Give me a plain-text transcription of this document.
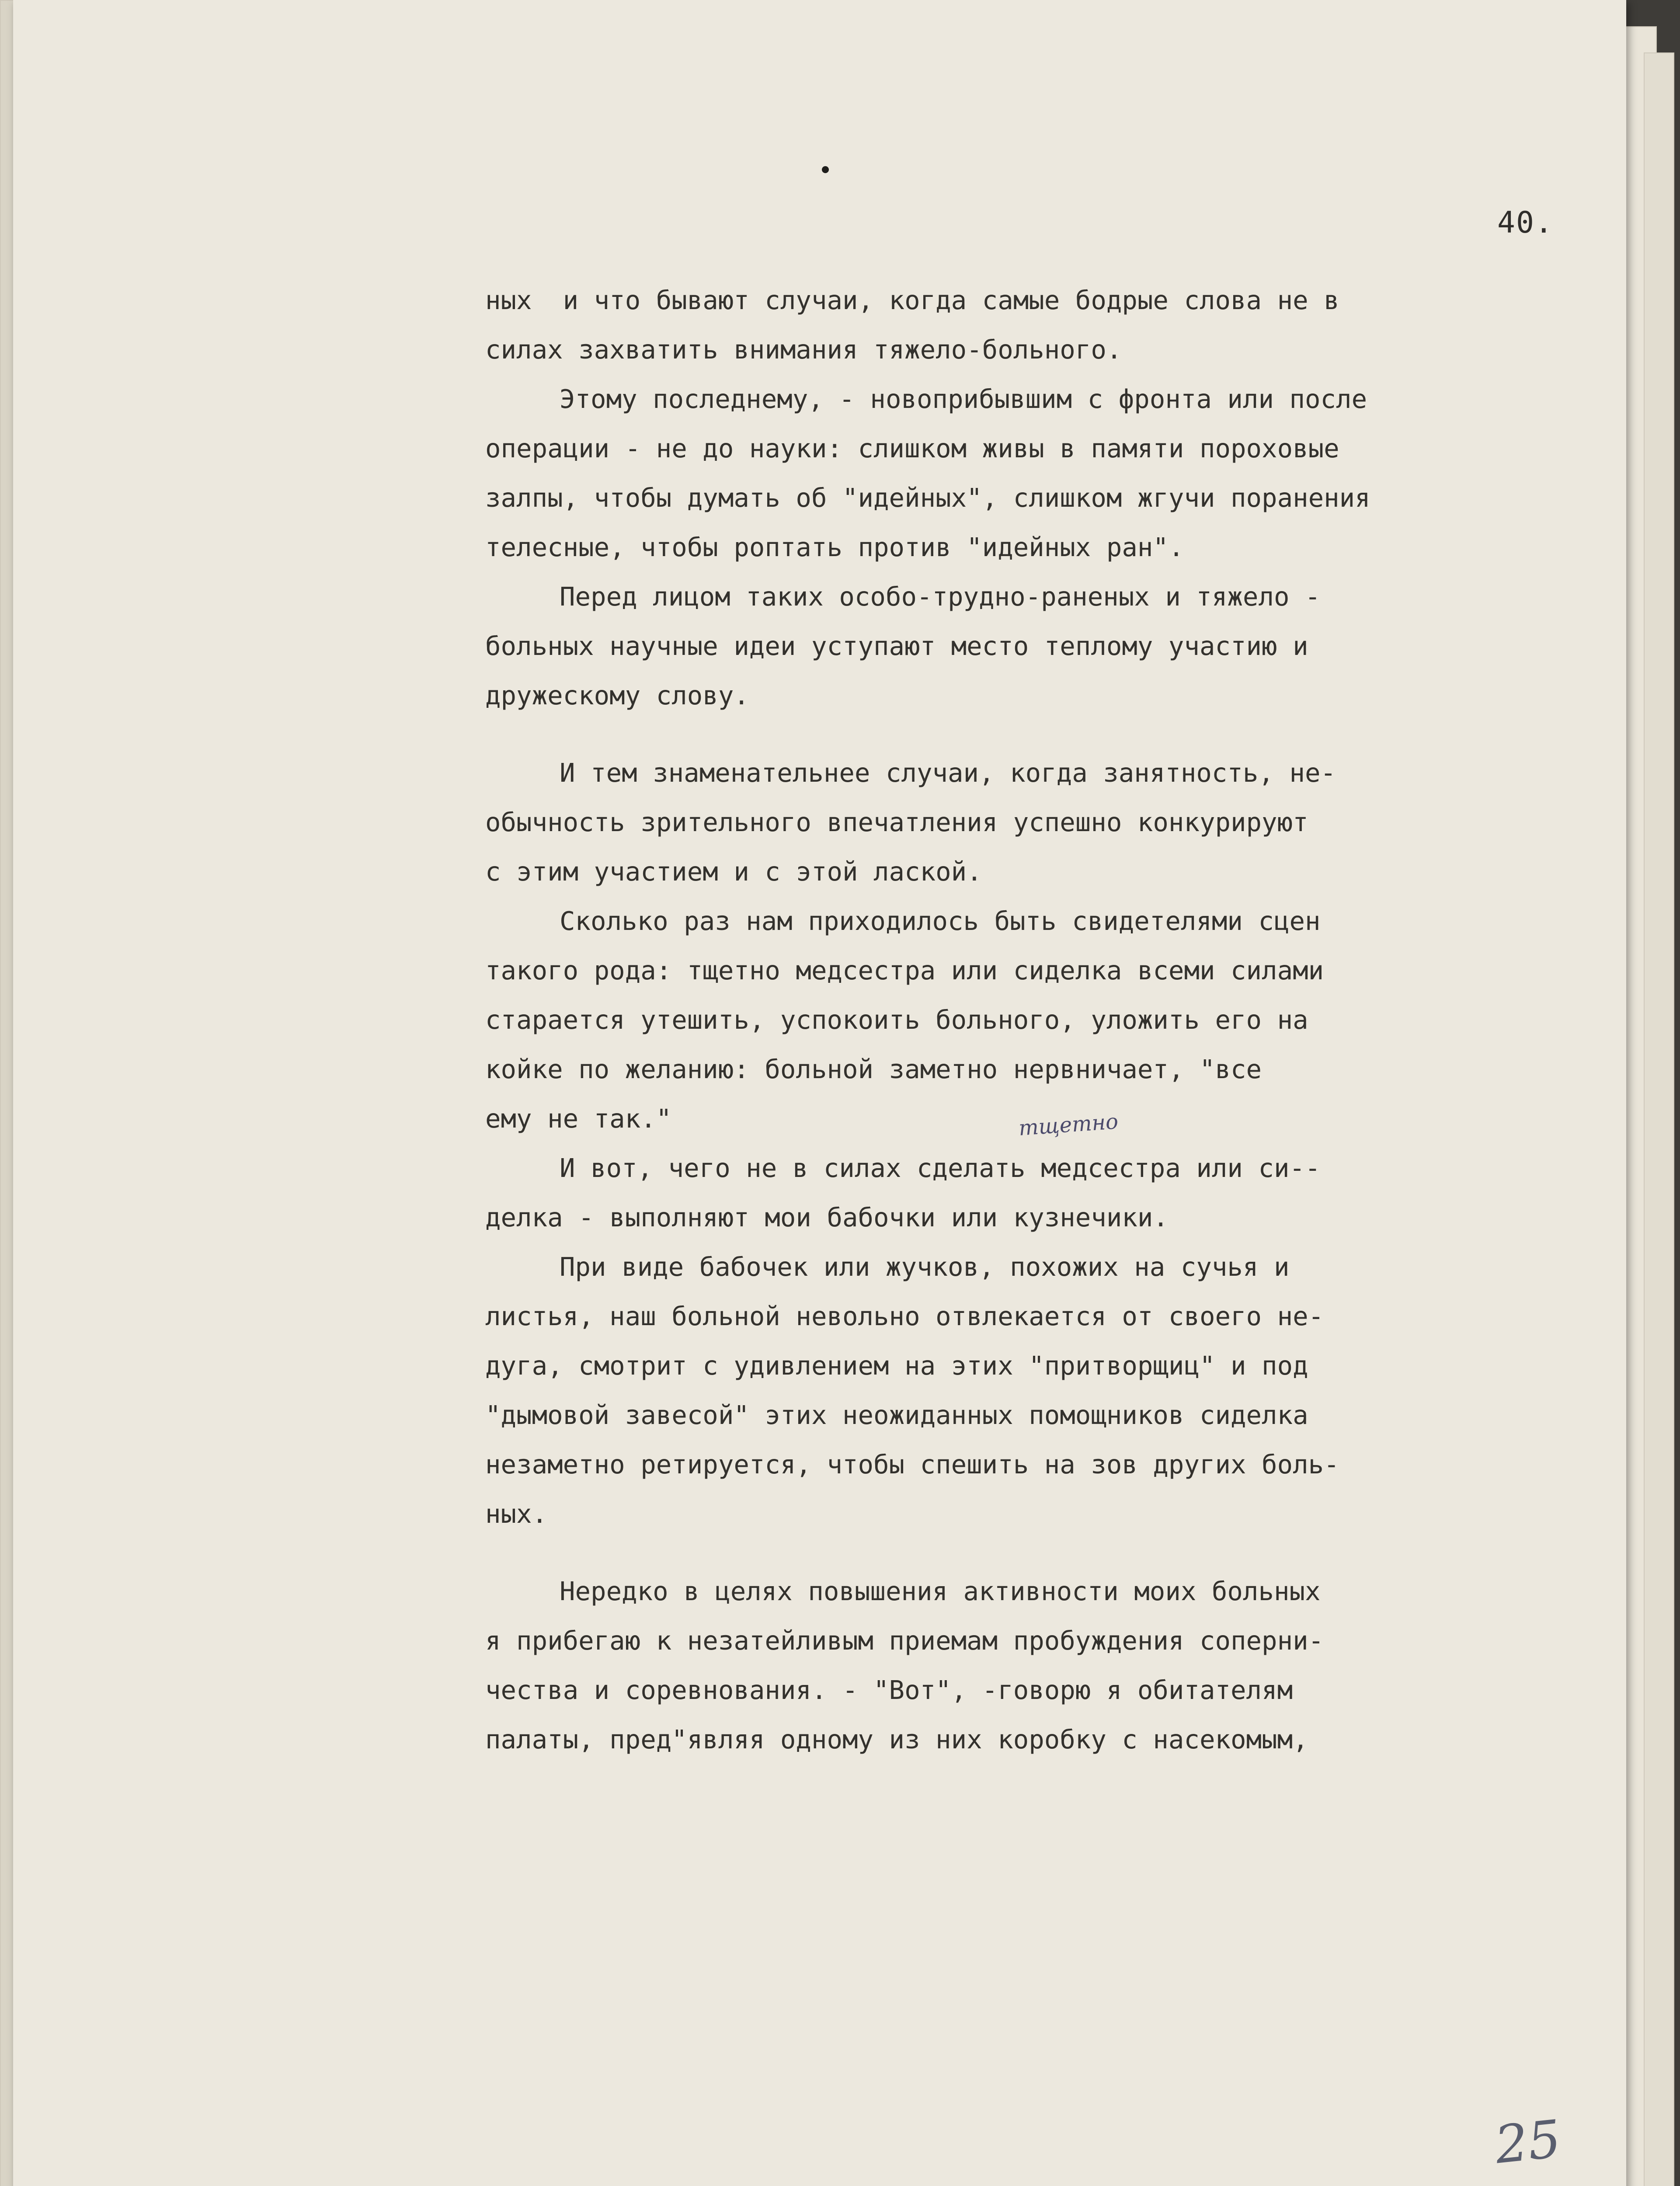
40.
ных  и что бывают случаи, когда самые бодрые слова не в
силах захватить внимания тяжело-больного.
Этому последнему, - новоприбывшим с фронта или после
операции - не до науки: слишком живы в памяти пороховые
залпы, чтобы думать об "идейных", слишком жгучи поранения
телесные, чтобы роптать против "идейных ран".
Перед лицом таких особо-трудно-раненых и тяжело -
больных научные идеи уступают место теплому участию и
дружескому слову.
И тем знаменательнее случаи, когда занятность, не-
обычность зрительного впечатления успешно конкурируют
с этим участием и с этой лаской.
Сколько раз нам приходилось быть свидетелями сцен
такого рода: тщетно медсестра или сиделка всеми силами
старается утешить, успокоить больного, уложить его на
койке по желанию: больной заметно нервничает, "все
ему не так."
И вот, чего не в силах сделать медсестра или си--
делка - выполняют мои бабочки или кузнечики.
При виде бабочек или жучков, похожих на сучья и
листья, наш больной невольно отвлекается от своего не-
дуга, смотрит с удивлением на этих "притворщиц" и под
"дымовой завесой" этих неожиданных помощников сиделка
незаметно ретируется, чтобы спешить на зов других боль-
ных.
Нередко в целях повышения активности моих больных
я прибегаю к незатейливым приемам пробуждения соперни-
чества и соревнования. - "Вот", -говорю я обитателям
палаты, пред"являя одному из них коробку с насекомым,
тщетно
25
